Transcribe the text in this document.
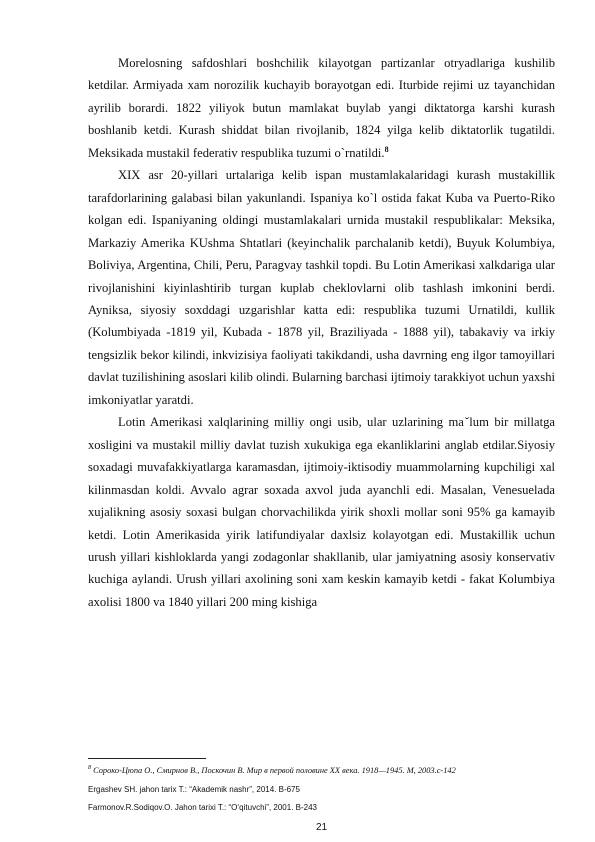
Morelosning safdoshlari boshchilik kilayotgan partizanlar otryadlariga kushilib ketdilar. Armiyada xam norozilik kuchayib borayotgan edi. Iturbide rejimi uz tayanchidan ayrilib borardi. 1822 yiliyok butun mamlakat buylab yangi diktatorga karshi kurash boshlanib ketdi. Kurash shiddat bilan rivojlanib, 1824 yilga kelib diktatorlik tugatildi. Meksikada mustakil federativ respublika tuzumi o`rnatildi.$^8$

XIX asr 20-yillari urtalariga kelib ispan mustamlakalaridagi kurash mustakillik tarafdorlarining galabasi bilan yakunlandi. Ispaniya ko`l ostida fakat Kuba va Puerto-Riko kolgan edi. Ispaniyaning oldingi mustamlakalari urnida mustakil respublikalar: Meksika, Markaziy Amerika KUshma Shtatlari (keyinchalik parchalanib ketdi), Buyuk Kolumbiya, Boliviya, Argentina, Chili, Peru, Paragvay tashkil topdi. Bu Lotin Amerikasi xalkdariga ular rivojlanishini kiyinlashtirib turgan kuplab cheklovlarni olib tashlash imkonini berdi. Ayniksa, siyosiy soxddagi uzgarishlar katta edi: respublika tuzumi Urnatildi, kullik (Kolumbiyada -1819 yil, Kubada - 1878 yil, Braziliyada - 1888 yil), tabakaviy va irkiy tengsizlik bekor kilindi, inkvizisiya faoliyati takikdandi, usha davrning eng ilgor tamoyillari davlat tuzilishining asoslari kilib olindi. Bularning barchasi ijtimoiy tarakkiyot uchun yaxshi imkoniyatlar yaratdi.

Lotin Amerikasi xalqlarining milliy ongi usib, ular uzlarining ma ̆lum bir millatga xosligini va mustakil milliy davlat tuzish xukukiga ega ekanliklarini anglab etdilar.Siyosiy soxadagi muvafakkiyatlarga karamasdan, ijtimoiy-iktisodiy muammolarning kupchiligi xal kilinmasdan koldi. Avvalo agrar soxada axvol juda ayanchli edi. Masalan, Venesuelada xujalikning asosiy soxasi bulgan chorvachilikda yirik shoxli mollar soni 95% ga kamayib ketdi. Lotin Amerikasida yirik latifundiyalar daxlsiz kolayotgan edi. Mustakillik uchun urush yillari kishloklarda yangi zodagonlar shakllanib, ular jamiyatning asosiy konservativ kuchiga aylandi. Urush yillari axolining soni xam keskin kamayib ketdi - fakat Kolumbiya axolisi 1800 va 1840 yillari 200 ming kishiga

$^8$ Сороко-Цюпа О., Смирнов В., Поскочин В. Мир в первой половине XX века. 1918—1945. М, 2003.с-142
Ergashev SH. jahon tarix T.: “Akademik nashr”, 2014. B-675
Farmonov.R.Sodiqov.O. Jahon tarixi T.: “O‘qituvchi”, 2001. B-243
21
